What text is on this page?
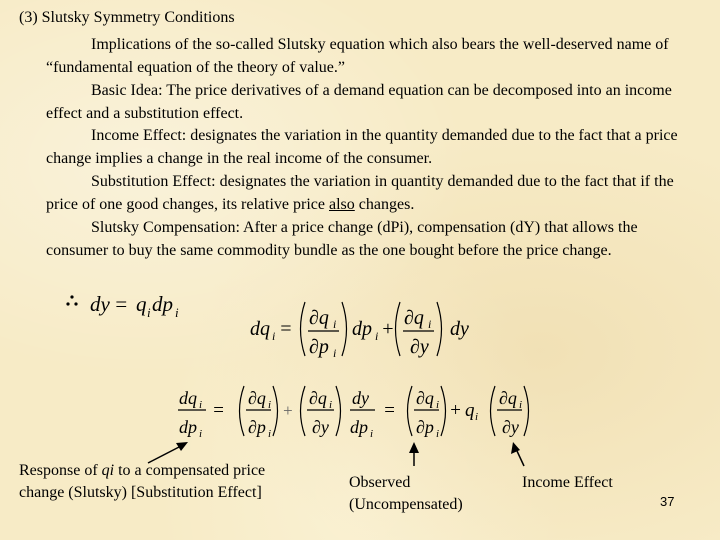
(3) Slutsky Symmetry Conditions
Implications of the so-called Slutsky equation which also bears the well-deserved name of “fundamental equation of the theory of value.”
Basic Idea: The price derivatives of a demand equation can be decomposed into an income effect and a substitution effect.
Income Effect: designates the variation in the quantity demanded due to the fact that a price change implies a change in the real income of the consumer.
Substitution Effect: designates the variation in quantity demanded due to the fact that if the price of one good changes, its relative price also changes.
Slutsky Compensation: After a price change (dPi), compensation (dY) that allows the consumer to buy the same commodity bundle as the one bought before the price change.
dy = q i dp i
dq i = ∂q i
∂p i
dp i + ∂q i
∂y
dy
dq i
dp i
=
∂q i
∂p i
+
∂q i
∂y
dy
dp i
=
∂q i
∂p i
+ q i
∂q i
∂y
Response of qi to a compensated price change (Slutsky) [Substitution Effect]
Observed (Uncompensated)
Income Effect
37
